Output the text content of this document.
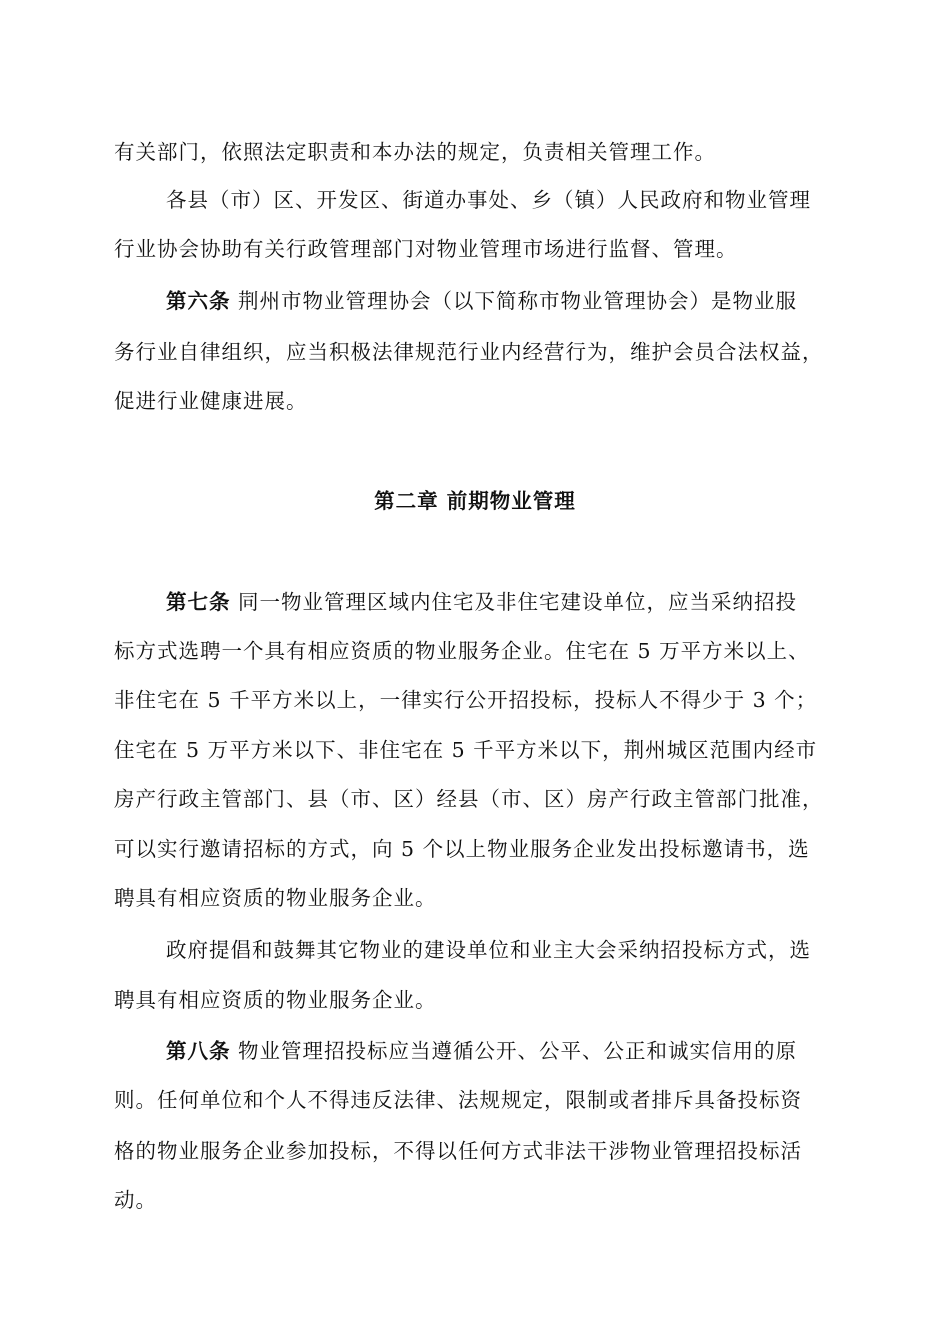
有关部门，依照法定职责和本办法的规定，负责相关管理工作。
各县（市）区、开发区、街道办事处、乡（镇）人民政府和物业管理
行业协会协助有关行政管理部门对物业管理市场进行监督、管理。
第六条 荆州市物业管理协会（以下简称市物业管理协会）是物业服
务行业自律组织，应当积极法律规范行业内经营行为，维护会员合法权益，
促进行业健康进展。
第二章 前期物业管理
第七条 同一物业管理区域内住宅及非住宅建设单位，应当采纳招投
标方式选聘一个具有相应资质的物业服务企业。住宅在 5 万平方米以上、
非住宅在 5 千平方米以上，一律实行公开招投标，投标人不得少于 3 个；
住宅在 5 万平方米以下、非住宅在 5 千平方米以下，荆州城区范围内经市
房产行政主管部门、县（市、区）经县（市、区）房产行政主管部门批准，
可以实行邀请招标的方式，向 5 个以上物业服务企业发出投标邀请书，选
聘具有相应资质的物业服务企业。
政府提倡和鼓舞其它物业的建设单位和业主大会采纳招投标方式，选
聘具有相应资质的物业服务企业。
第八条 物业管理招投标应当遵循公开、公平、公正和诚实信用的原
则。任何单位和个人不得违反法律、法规规定，限制或者排斥具备投标资
格的物业服务企业参加投标，不得以任何方式非法干涉物业管理招投标活
动。
